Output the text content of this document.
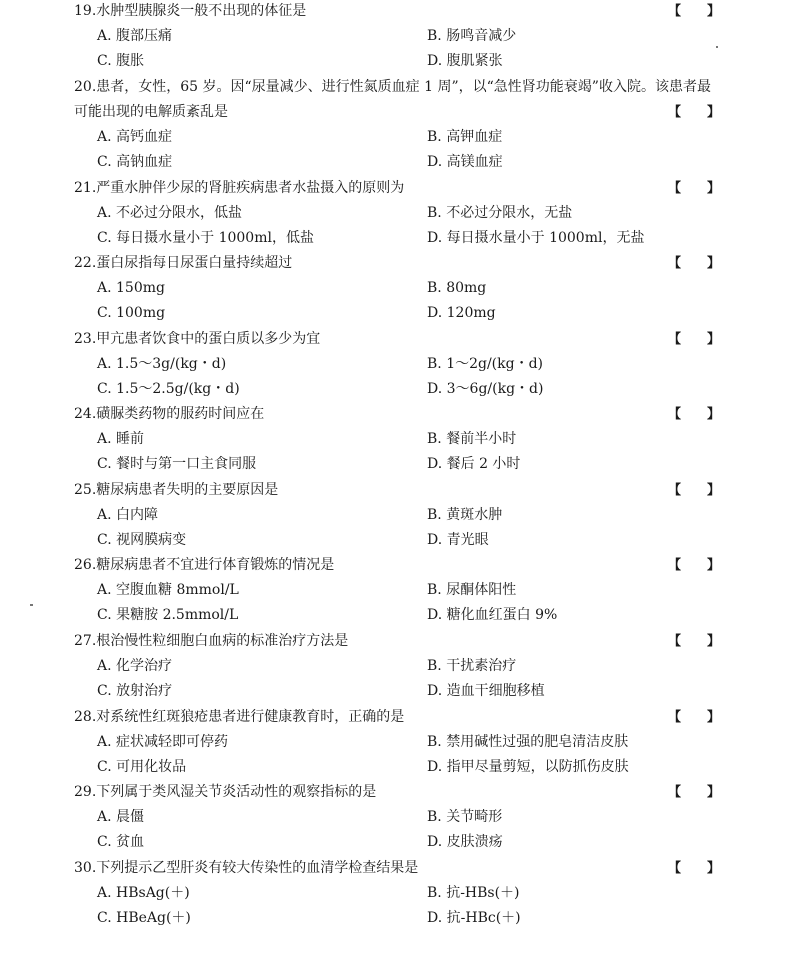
19.水肿型胰腺炎一般不出现的体征是	【 】
A. 腹部压痛	B. 肠鸣音减少
C. 腹胀	D. 腹肌紧张
20.患者，女性，65 岁。因“尿量减少、进行性氮质血症 1 周”，以“急性肾功能衰竭”收入院。该患者最可能出现的电解质紊乱是	【 】
A. 高钙血症	B. 高钾血症
C. 高钠血症	D. 高镁血症
21.严重水肿伴少尿的肾脏疾病患者水盐摄入的原则为	【 】
A. 不必过分限水，低盐	B. 不必过分限水，无盐
C. 每日摄水量小于 1000ml，低盐	D. 每日摄水量小于 1000ml，无盐
22.蛋白尿指每日尿蛋白量持续超过	【 】
A. 150mg	B. 80mg
C. 100mg	D. 120mg
23.甲亢患者饮食中的蛋白质以多少为宜	【 】
A. 1.5～3g/(kg・d)	B. 1～2g/(kg・d)
C. 1.5～2.5g/(kg・d)	D. 3～6g/(kg・d)
24.磺脲类药物的服药时间应在	【 】
A. 睡前	B. 餐前半小时
C. 餐时与第一口主食同服	D. 餐后 2 小时
25.糖尿病患者失明的主要原因是	【 】
A. 白内障	B. 黄斑水肿
C. 视网膜病变	D. 青光眼
26.糖尿病患者不宜进行体育锻炼的情况是	【 】
A. 空腹血糖 8mmol/L	B. 尿酮体阳性
C. 果糖胺 2.5mmol/L	D. 糖化血红蛋白 9%
27.根治慢性粒细胞白血病的标准治疗方法是	【 】
A. 化学治疗	B. 干扰素治疗
C. 放射治疗	D. 造血干细胞移植
28.对系统性红斑狼疮患者进行健康教育时，正确的是	【 】
A. 症状减轻即可停药	B. 禁用碱性过强的肥皂清洁皮肤
C. 可用化妆品	D. 指甲尽量剪短，以防抓伤皮肤
29.下列属于类风湿关节炎活动性的观察指标的是	【 】
A. 晨僵	B. 关节畸形
C. 贫血	D. 皮肤溃疡
30.下列提示乙型肝炎有较大传染性的血清学检查结果是	【 】
A. HBsAg(＋)	B. 抗-HBs(＋)
C. HBeAg(＋)	D. 抗-HBc(＋)
